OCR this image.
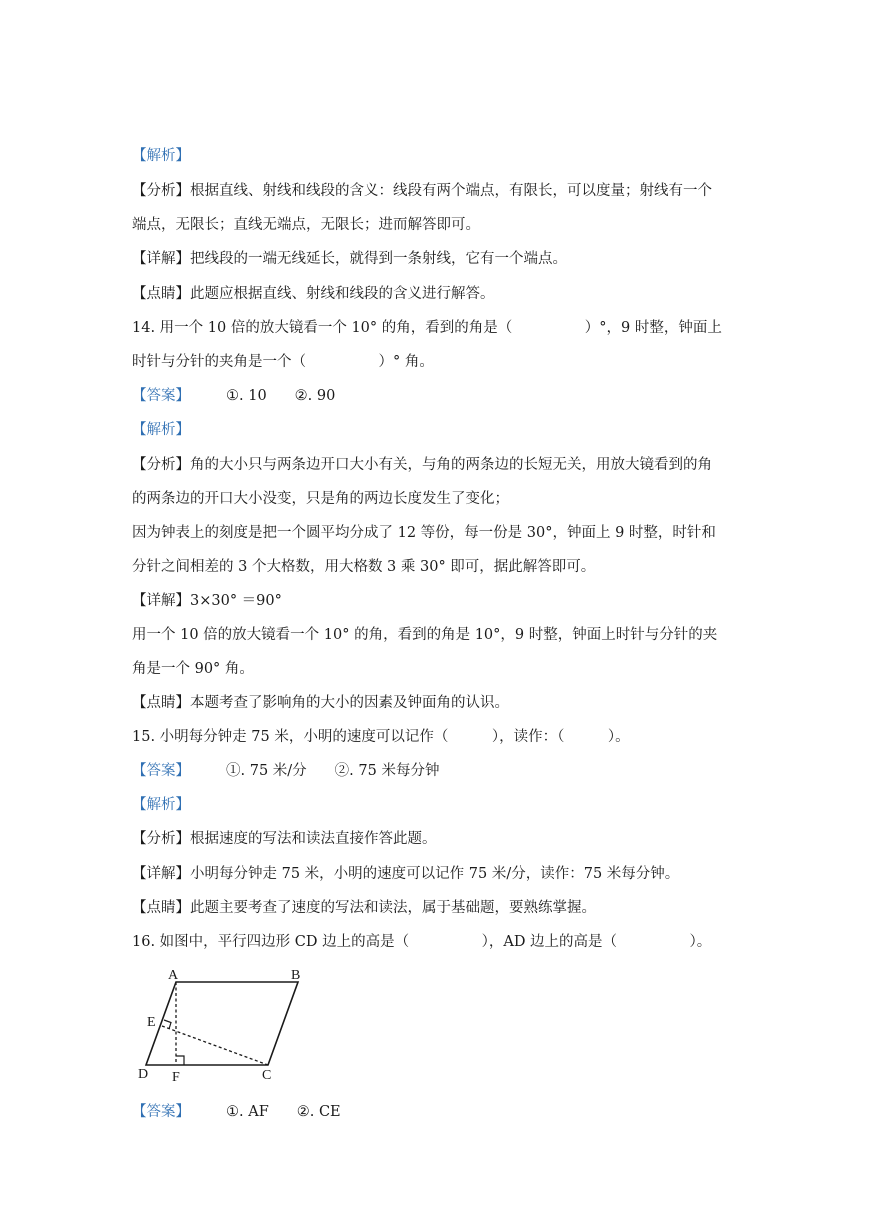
【解析】
【分析】根据直线、射线和线段的含义：线段有两个端点，有限长，可以度量；射线有一个
端点，无限长；直线无端点，无限长；进而解答即可。
【详解】把线段的一端无线延长，就得到一条射线，它有一个端点。
【点睛】此题应根据直线、射线和线段的含义进行解答。
14. 用一个 10 倍的放大镜看一个 10° 的角，看到的角是（　　　　　）°，9 时整，钟面上
时针与分针的夹角是一个（　　　　　）° 角。
【答案】 ①. 10 ②. 90
【解析】
【分析】角的大小只与两条边开口大小有关，与角的两条边的长短无关，用放大镜看到的角
的两条边的开口大小没变，只是角的两边长度发生了变化；
因为钟表上的刻度是把一个圆平均分成了 12 等份，每一份是 30°，钟面上 9 时整，时针和
分针之间相差的 3 个大格数，用大格数 3 乘 30° 即可，据此解答即可。
【详解】3×30° ＝90°
用一个 10 倍的放大镜看一个 10° 的角，看到的角是 10°，9 时整，钟面上时针与分针的夹
角是一个 90° 角。
【点睛】本题考查了影响角的大小的因素及钟面角的认识。
15. 小明每分钟走 75 米，小明的速度可以记作（　　　），读作：（　　　）。
【答案】 ①. 75 米/分 ②. 75 米每分钟
【解析】
【分析】根据速度的写法和读法直接作答此题。
【详解】小明每分钟走 75 米，小明的速度可以记作 75 米/分，读作：75 米每分钟。
【点睛】此题主要考查了速度的写法和读法，属于基础题，要熟练掌握。
16. 如图中，平行四边形 CD 边上的高是（　　　　　），AD 边上的高是（　　　　　）。
A	B
C
D
E
F
【答案】 ①. AF ②. CE
